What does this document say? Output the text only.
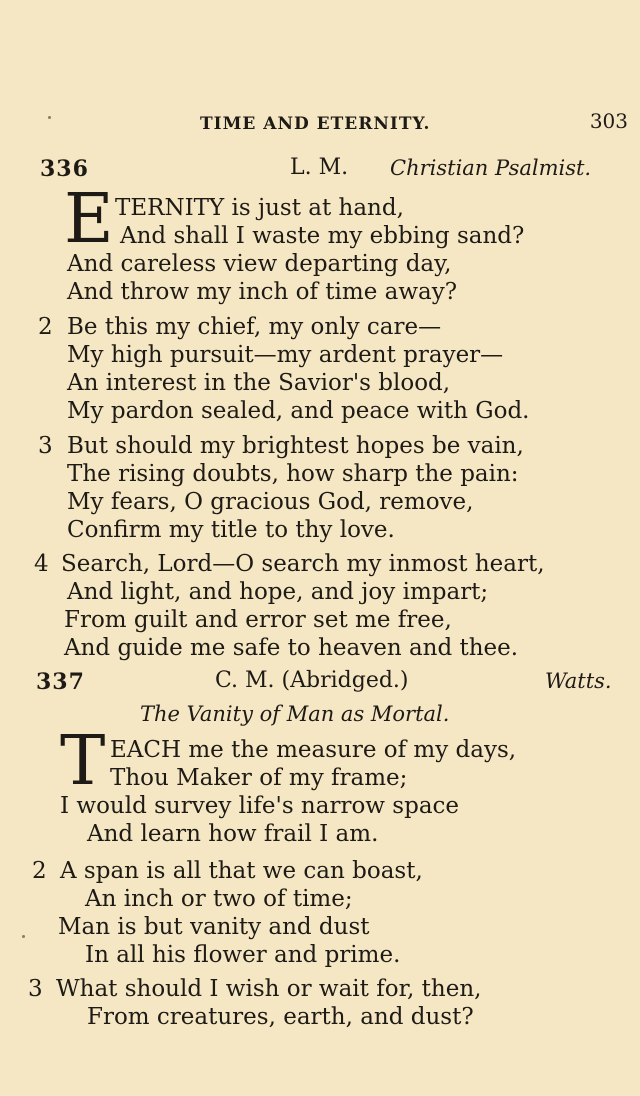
TIME AND ETERNITY.	303
336	L. M. Christian Psalmist.
E TERNITY is just at hand,
And shall I waste my ebbing sand?
And careless view departing day,
And throw my inch of time away?
2 Be this my chief, my only care—
My high pursuit—my ardent prayer—
An interest in the Savior's blood,
My pardon sealed, and peace with God.
3 But should my brightest hopes be vain,
The rising doubts, how sharp the pain:
My fears, O gracious God, remove,
Confirm my title to thy love.
4 Search, Lord—O search my inmost heart,
And light, and hope, and joy impart;
From guilt and error set me free,
And guide me safe to heaven and thee.
337	C. M. (Abridged.)	Watts.
The Vanity of Man as Mortal.
T EACH me the measure of my days,
Thou Maker of my frame;
I would survey life's narrow space
And learn how frail I am.
2 A span is all that we can boast,
An inch or two of time;
Man is but vanity and dust
In all his flower and prime.
3 What should I wish or wait for, then,
From creatures, earth, and dust?
